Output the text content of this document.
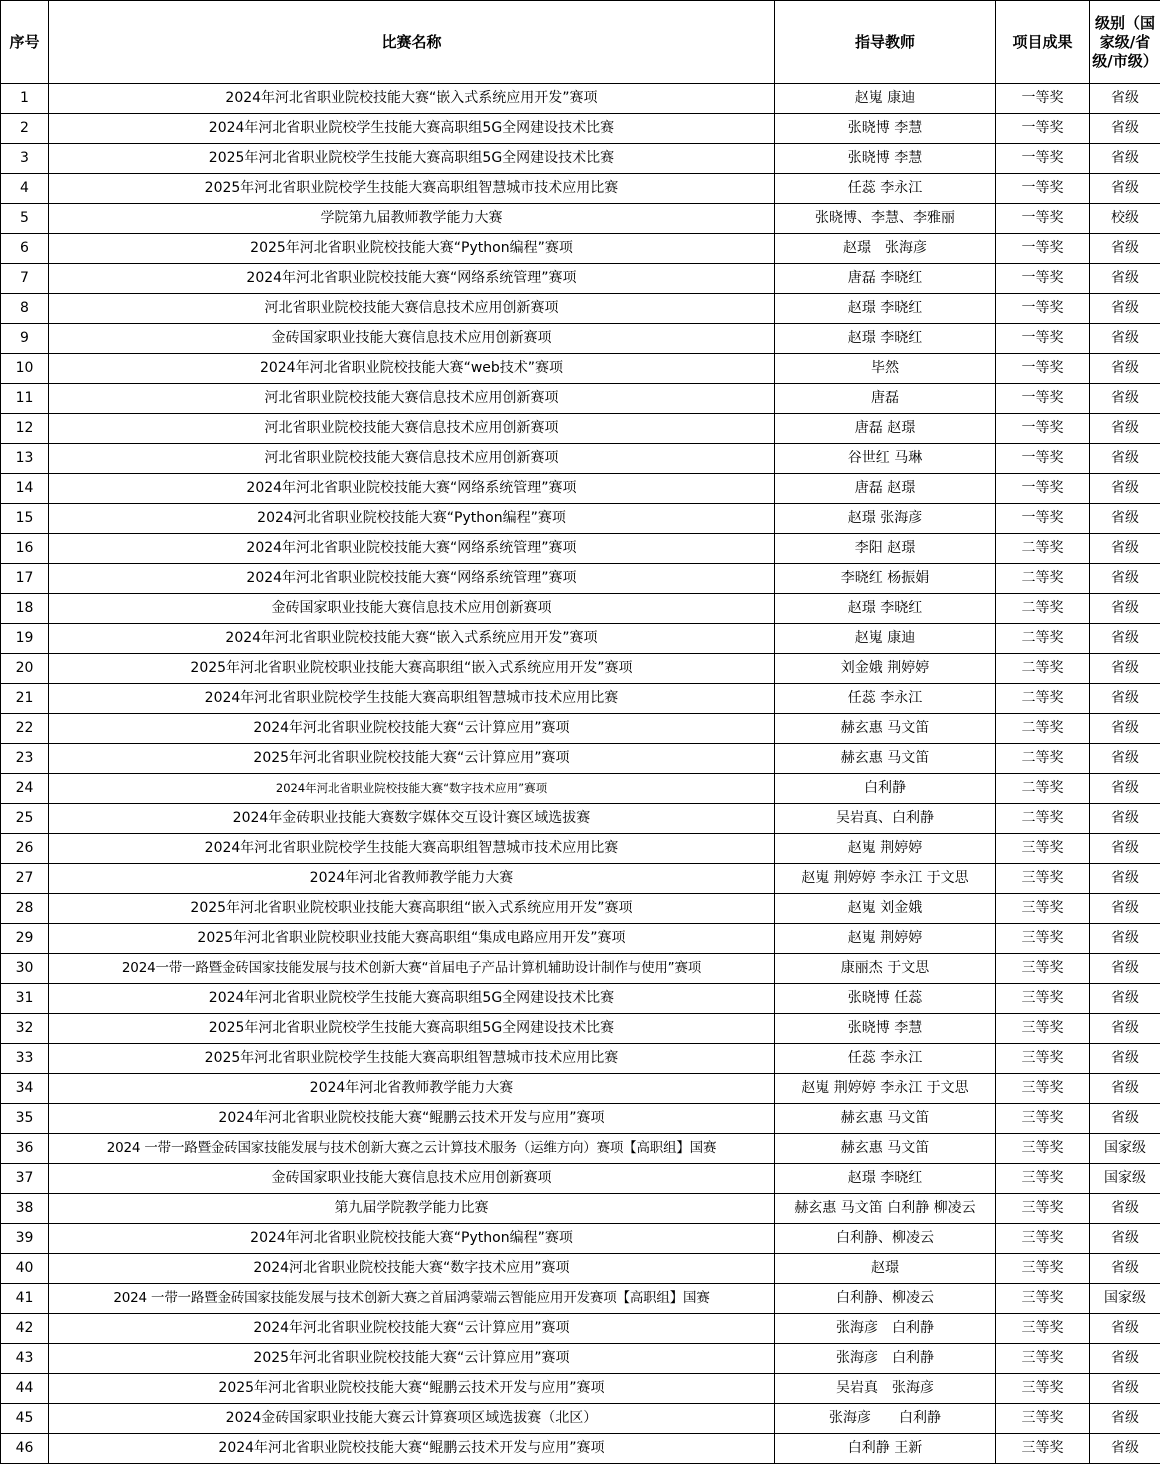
序号	比赛名称	指导教师	项目成果	级别（国家级/省级/市级）
1	2024年河北省职业院校技能大赛“嵌入式系统应用开发”赛项	赵嵬 康迪	一等奖	省级
2	2024年河北省职业院校学生技能大赛高职组5G全网建设技术比赛	张晓博 李慧	一等奖	省级
3	2025年河北省职业院校学生技能大赛高职组5G全网建设技术比赛	张晓博 李慧	一等奖	省级
4	2025年河北省职业院校学生技能大赛高职组智慧城市技术应用比赛	任蕊 李永江	一等奖	省级
5	学院第九届教师教学能力大赛	张晓博、李慧、李雅丽	一等奖	校级
6	2025年河北省职业院校技能大赛“Python编程”赛项	赵璟　张海彦	一等奖	省级
7	2024年河北省职业院校技能大赛“网络系统管理”赛项	唐磊 李晓红	一等奖	省级
8	河北省职业院校技能大赛信息技术应用创新赛项	赵璟 李晓红	一等奖	省级
9	金砖国家职业技能大赛信息技术应用创新赛项	赵璟 李晓红	一等奖	省级
10	2024年河北省职业院校技能大赛“web技术”赛项	毕然	一等奖	省级
11	河北省职业院校技能大赛信息技术应用创新赛项	唐磊	一等奖	省级
12	河北省职业院校技能大赛信息技术应用创新赛项	唐磊 赵璟	一等奖	省级
13	河北省职业院校技能大赛信息技术应用创新赛项	谷世红 马琳	一等奖	省级
14	2024年河北省职业院校技能大赛“网络系统管理”赛项	唐磊 赵璟	一等奖	省级
15	2024河北省职业院校技能大赛“Python编程”赛项	赵璟 张海彦	一等奖	省级
16	2024年河北省职业院校技能大赛“网络系统管理”赛项	李阳 赵璟	二等奖	省级
17	2024年河北省职业院校技能大赛“网络系统管理”赛项	李晓红 杨振娟	二等奖	省级
18	金砖国家职业技能大赛信息技术应用创新赛项	赵璟 李晓红	二等奖	省级
19	2024年河北省职业院校技能大赛“嵌入式系统应用开发”赛项	赵嵬 康迪	二等奖	省级
20	2025年河北省职业院校职业技能大赛高职组“嵌入式系统应用开发”赛项	刘金娥 荆婷婷	二等奖	省级
21	2024年河北省职业院校学生技能大赛高职组智慧城市技术应用比赛	任蕊 李永江	二等奖	省级
22	2024年河北省职业院校技能大赛“云计算应用”赛项	赫玄惠 马文笛	二等奖	省级
23	2025年河北省职业院校技能大赛“云计算应用”赛项	赫玄惠 马文笛	二等奖	省级
24	2024年河北省职业院校技能大赛“数字技术应用”赛项	白利静	二等奖	省级
25	2024年金砖职业技能大赛数字媒体交互设计赛区域选拔赛	吴岩真、白利静	二等奖	省级
26	2024年河北省职业院校学生技能大赛高职组智慧城市技术应用比赛	赵嵬 荆婷婷	三等奖	省级
27	2024年河北省教师教学能力大赛	赵嵬 荆婷婷 李永江 于文思	三等奖	省级
28	2025年河北省职业院校职业技能大赛高职组“嵌入式系统应用开发”赛项	赵嵬 刘金娥	三等奖	省级
29	2025年河北省职业院校职业技能大赛高职组“集成电路应用开发”赛项	赵嵬 荆婷婷	三等奖	省级
30	2024一带一路暨金砖国家技能发展与技术创新大赛“首届电子产品计算机辅助设计制作与使用”赛项	康丽杰 于文思	三等奖	省级
31	2024年河北省职业院校学生技能大赛高职组5G全网建设技术比赛	张晓博 任蕊	三等奖	省级
32	2025年河北省职业院校学生技能大赛高职组5G全网建设技术比赛	张晓博 李慧	三等奖	省级
33	2025年河北省职业院校学生技能大赛高职组智慧城市技术应用比赛	任蕊 李永江	三等奖	省级
34	2024年河北省教师教学能力大赛	赵嵬 荆婷婷 李永江 于文思	三等奖	省级
35	2024年河北省职业院校技能大赛“鲲鹏云技术开发与应用”赛项	赫玄惠 马文笛	三等奖	省级
36	2024 一带一路暨金砖国家技能发展与技术创新大赛之云计算技术服务（运维方向）赛项【高职组】国赛	赫玄惠 马文笛	三等奖	国家级
37	金砖国家职业技能大赛信息技术应用创新赛项	赵璟 李晓红	三等奖	国家级
38	第九届学院教学能力比赛	赫玄惠 马文笛 白利静 柳凌云	三等奖	省级
39	2024年河北省职业院校技能大赛“Python编程”赛项	白利静、柳凌云	三等奖	省级
40	2024河北省职业院校技能大赛“数字技术应用”赛项	赵璟	三等奖	省级
41	2024 一带一路暨金砖国家技能发展与技术创新大赛之首届鸿蒙端云智能应用开发赛项【高职组】国赛	白利静、柳凌云	三等奖	国家级
42	2024年河北省职业院校技能大赛“云计算应用”赛项	张海彦　白利静	三等奖	省级
43	2025年河北省职业院校技能大赛“云计算应用”赛项	张海彦　白利静	三等奖	省级
44	2025年河北省职业院校技能大赛“鲲鹏云技术开发与应用”赛项	吴岩真　张海彦	三等奖	省级
45	2024金砖国家职业技能大赛云计算赛项区域选拔赛（北区）	张海彦　　白利静	三等奖	省级
46	2024年河北省职业院校技能大赛“鲲鹏云技术开发与应用”赛项	白利静 王新	三等奖	省级
